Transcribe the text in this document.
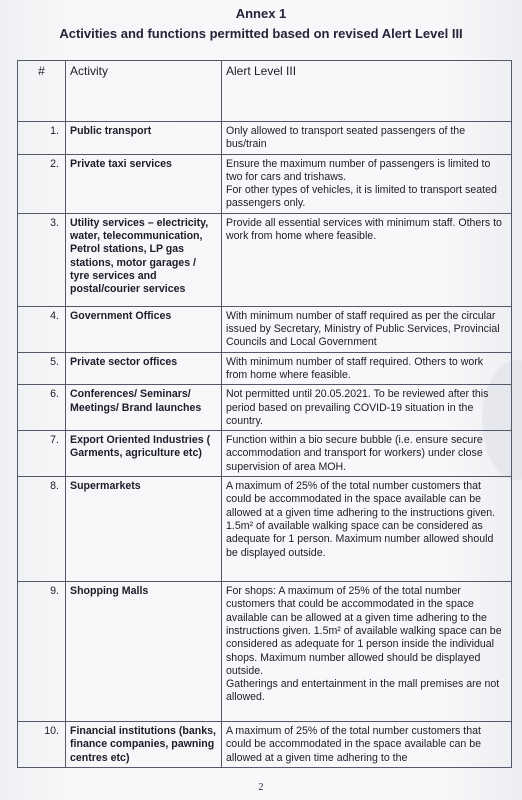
Annex 1
Activities and functions permitted based on revised Alert Level III
#	Activity	Alert Level III
1.	Public transport	Only allowed to transport seated passengers of the bus/train
2.	Private taxi services	Ensure the maximum number of passengers is limited to two for cars and trishaws.
For other types of vehicles, it is limited to transport seated passengers only.
3.	Utility services – electricity, water, telecommunication, Petrol stations, LP gas stations, motor garages / tyre services and postal/courier services	Provide all essential services with minimum staff. Others to work from home where feasible.
4.	Government Offices	With minimum number of staff required as per the circular issued by Secretary, Ministry of Public Services, Provincial Councils and Local Government
5.	Private sector offices	With minimum number of staff required. Others to work from home where feasible.
6.	Conferences/ Seminars/ Meetings/ Brand launches	Not permitted until 20.05.2021. To be reviewed after this period based on prevailing COVID-19 situation in the country.
7.	Export Oriented Industries ( Garments, agriculture etc)	Function within a bio secure bubble (i.e. ensure secure accommodation and transport for workers) under close supervision of area MOH.
8.	Supermarkets	A maximum of 25% of the total number customers that could be accommodated in the space available can be allowed at a given time adhering to the instructions given. 1.5m² of available walking space can be considered as adequate for 1 person. Maximum number allowed should be displayed outside.
9.	Shopping Malls	For shops: A maximum of 25% of the total number customers that could be accommodated in the space available can be allowed at a given time adhering to the instructions given. 1.5m² of available walking space can be considered as adequate for 1 person inside the individual shops. Maximum number allowed should be displayed outside.
Gatherings and entertainment in the mall premises are not allowed.
10.	Financial institutions (banks, finance companies, pawning centres etc)	A maximum of 25% of the total number customers that could be accommodated in the space available can be allowed at a given time adhering to the
2
